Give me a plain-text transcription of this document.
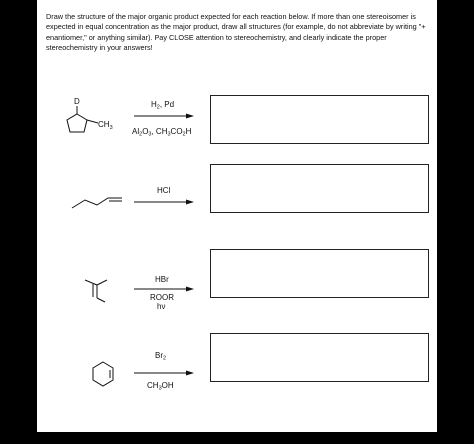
Draw the structure of the major organic product expected for each reaction below. If more than one stereoisomer is expected in equal concentration as the major product, draw all structures (for example, do not abbreviate by writing "+ enantiomer," or anything similar). Pay CLOSE attention to stereochemistry, and clearly indicate the proper stereochemistry in your answers!
D
$CH_3$
$H_2$, Pd
$Al_2O_3$, $CH_3CO_2H$
HCl
HBr
ROOR
hν
$Br_2$
$CH_3OH$
